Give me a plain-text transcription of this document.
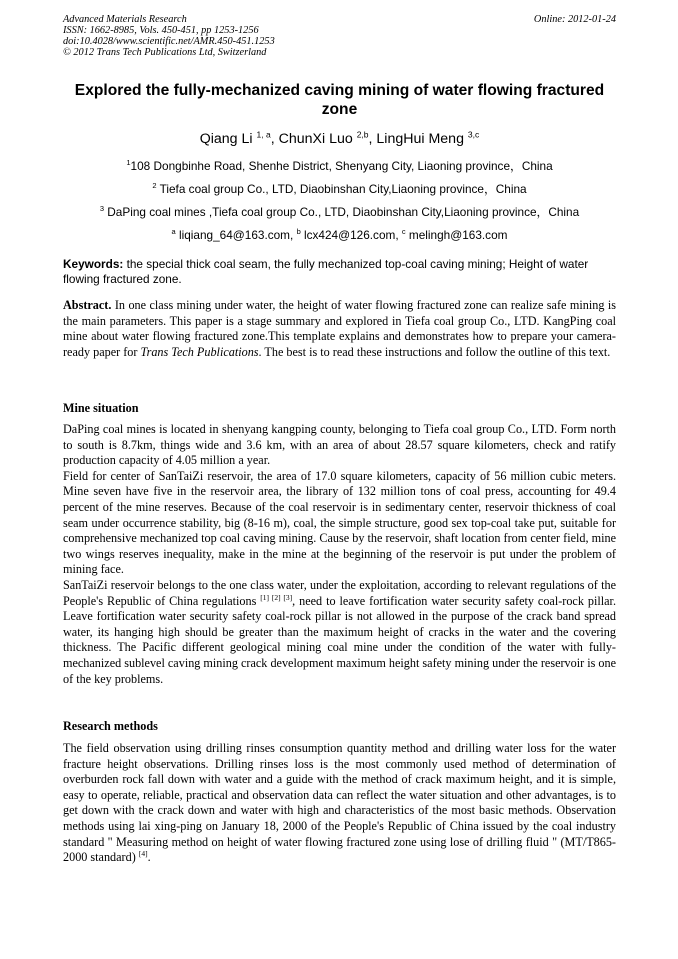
Advanced Materials Research
ISSN: 1662-8985, Vols. 450-451, pp 1253-1256
doi:10.4028/www.scientific.net/AMR.450-451.1253
© 2012 Trans Tech Publications Ltd, Switzerland
Online: 2012-01-24
Explored the fully-mechanized caving mining of water flowing fractured zone
Qiang Li $^{1, a}$, ChunXi Luo $^{2,b}$, LingHui Meng $^{3,c}$
$^1$108 Dongbinhe Road, Shenhe District, Shenyang City, Liaoning province，China
$^2$ Tiefa coal group Co., LTD, Diaobinshan City,Liaoning province，China
$^3$ DaPing coal mines ,Tiefa coal group Co., LTD, Diaobinshan City,Liaoning province，China
$^a$ liqiang_64@163.com, $^b$ lcx424@126.com, $^c$ melingh@163.com
Keywords: the special thick coal seam, the fully mechanized top-coal caving mining; Height of water flowing fractured zone.
Abstract. In one class mining under water, the height of water flowing fractured zone can realize safe mining is the main parameters. This paper is a stage summary and explored in Tiefa coal group Co., LTD. KangPing coal mine about water flowing fractured zone.This template explains and demonstrates how to prepare your camera-ready paper for Trans Tech Publications. The best is to read these instructions and follow the outline of this text.
Mine situation

DaPing coal mines is located in shenyang kangping county, belonging to Tiefa coal group Co., LTD. Form north to south is 8.7km, things wide and 3.6 km, with an area of about 28.57 square kilometers, check and ratify production capacity of 4.05 million a year.

Field for center of SanTaiZi reservoir, the area of 17.0 square kilometers, capacity of 56 million cubic meters. Mine seven have five in the reservoir area, the library of 132 million tons of coal press, accounting for 49.4 percent of the mine reserves. Because of the coal reservoir is in sedimentary center, reservoir thickness of coal seam under occurrence stability, big (8-16 m), coal, the simple structure, good sex top-coal take put, suitable for comprehensive mechanized top coal caving mining. Cause by the reservoir, shaft location from center field, mine two wings reserves inequality, make in the mine at the beginning of the reservoir is put under the problem of mining face.

SanTaiZi reservoir belongs to the one class water, under the exploitation, according to relevant regulations of the People's Republic of China regulations [1] [2] [3], need to leave fortification water security safety coal-rock pillar. Leave fortification water security safety coal-rock pillar is not allowed in the purpose of the crack band spread water, its hanging high should be greater than the maximum height of cracks in the water and the covering thickness. The Pacific different geological mining coal mine under the condition of the water with fully-mechanized sublevel caving mining crack development maximum height safety mining under the reservoir is one of the key problems.

Research methods

The field observation using drilling rinses consumption quantity method and drilling water loss for the water fracture height observations. Drilling rinses loss is the most commonly used method of determination of overburden rock fall down with water and a guide with the method of crack maximum height, and it is simple, easy to operate, reliable, practical and observation data can reflect the water situation and other advantages, is to get down with the crack down and water with high and characteristics of the most basic methods. Observation methods using lai xing-ping on January 18, 2000 of the People's Republic of China issued by the coal industry standard " Measuring method on height of water flowing fractured zone using lose of drilling fluid " (MT/T865-2000 standard) [4].
